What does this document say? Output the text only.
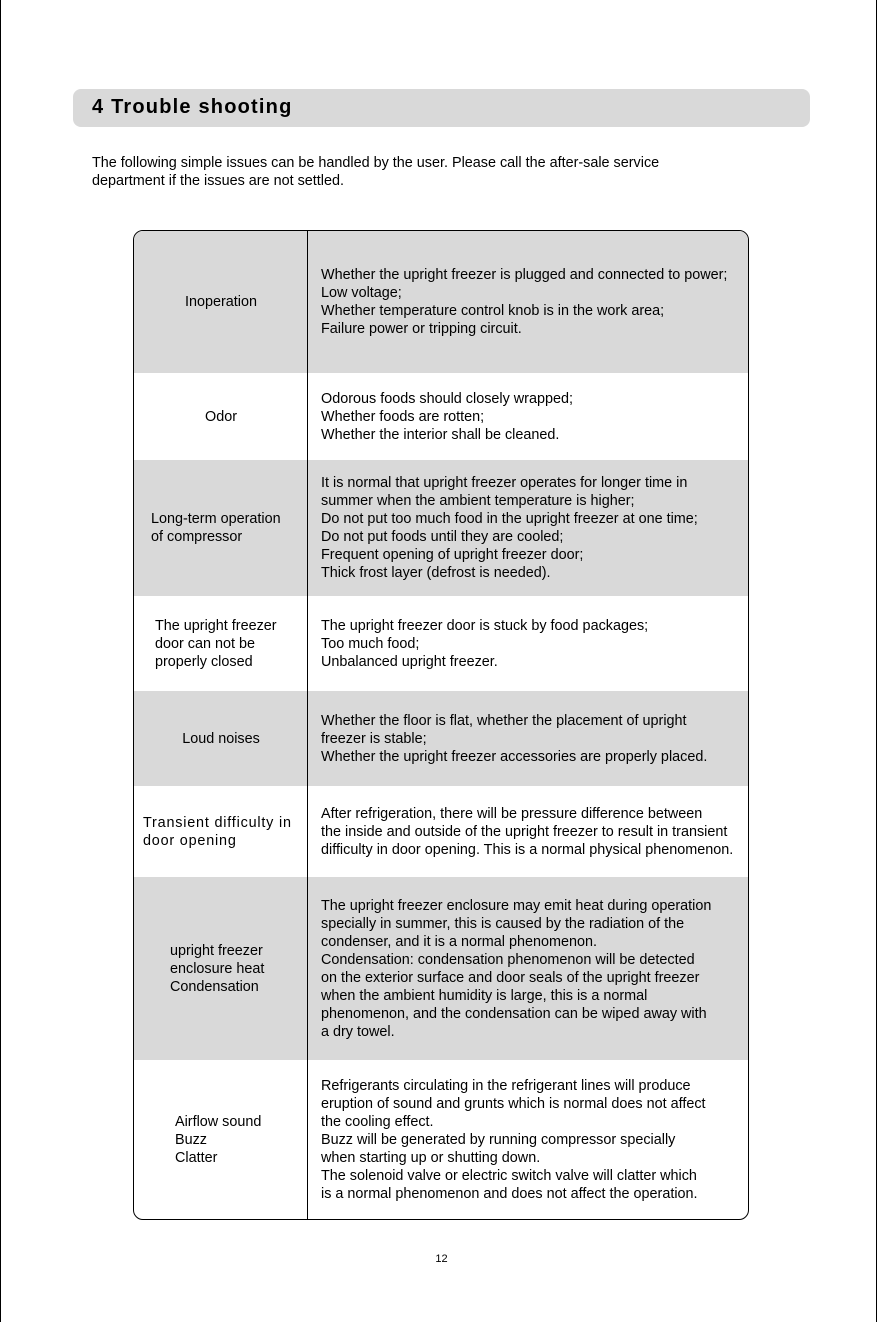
4 Trouble shooting
The following simple issues can be handled by the user. Please call the after-sale service
department if the issues are not settled.
Inoperation
Whether the upright freezer is plugged and connected to power;
Low voltage;
Whether temperature control knob is in the work area;
Failure power or tripping circuit.
Odor
Odorous foods should closely wrapped;
Whether foods are rotten;
Whether the interior shall be cleaned.
Long-term operation
of compressor
It is normal that upright freezer operates for longer time in
summer when the ambient temperature is higher;
Do not put too much food in the upright freezer at one time;
Do not put foods until they are cooled;
Frequent opening of upright freezer door;
Thick frost layer (defrost is needed).
The upright freezer
door can not be
properly closed
The upright freezer door is stuck by food packages;
Too much food;
Unbalanced upright freezer.
Loud noises
Whether the floor is flat, whether the placement of upright
freezer is stable;
Whether the upright freezer accessories are properly placed.
Transient difficulty in
door opening
After refrigeration, there will be pressure difference between
the inside and outside of the upright freezer to result in transient
difficulty in door opening. This is a normal physical phenomenon.
upright freezer
enclosure heat
Condensation
The upright freezer enclosure may emit heat during operation
specially in summer, this is caused by the radiation of the
condenser, and it is a normal phenomenon.
Condensation: condensation phenomenon will be detected
on the exterior surface and door seals of the upright freezer
when the ambient humidity is large, this is a normal
phenomenon, and the condensation can be wiped away with
a dry towel.
Airflow sound
Buzz
Clatter
Refrigerants circulating in the refrigerant lines will produce
eruption of sound and grunts which is normal does not affect
the cooling effect.
Buzz will be generated by running compressor specially
when starting up or shutting down.
The solenoid valve or electric switch valve will clatter which
is a normal phenomenon and does not affect the operation.
12
